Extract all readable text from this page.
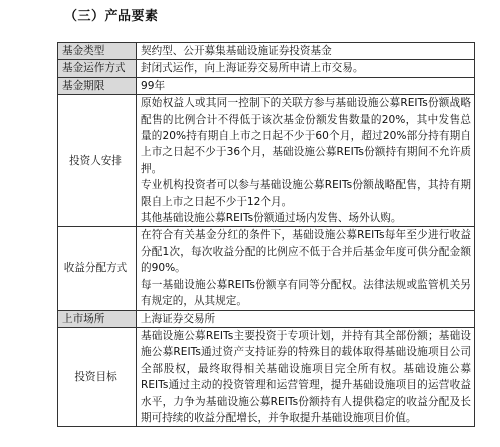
（三）产品要素
基金类型	契约型、公开募集基础设施证券投资基金

基金运作方式	封闭式运作，向上海证券交易所申请上市交易。

基金期限	99年

投资人安排	原始权益人或其同一控制下的关联方参与基础设施公募REITs份额战略配售的比例合计不得低于该次基金份额发售数量的20%，其中发售总量的20%持有期自上市之日起不少于60个月，超过20%部分持有期自上市之日起不少于36个月，基础设施公募REITs份额持有期间不允许质押。

专业机构投资者可以参与基础设施公募REITs份额战略配售，其持有期限自上市之日起不少于12个月。

其他基础设施公募REITs份额通过场内发售、场外认购。

收益分配方式	在符合有关基金分红的条件下，基础设施公募REITs每年至少进行收益分配1次，每次收益分配的比例应不低于合并后基金年度可供分配金额的90%。

每一基础设施公募REITs份额享有同等分配权。法律法规或监管机关另有规定的，从其规定。

上市场所	上海证券交易所

投资目标	基础设施公募REITs主要投资于专项计划，并持有其全部份额；基础设施公募REITs通过资产支持证券的特殊目的载体取得基础设施项目公司全部股权，最终取得相关基础设施项目完全所有权。基础设施公募REITs通过主动的投资管理和运营管理，提升基础设施项目的运营收益水平，力争为基础设施公募REITs份额持有人提供稳定的收益分配及长期可持续的收益分配增长，并争取提升基础设施项目价值。
